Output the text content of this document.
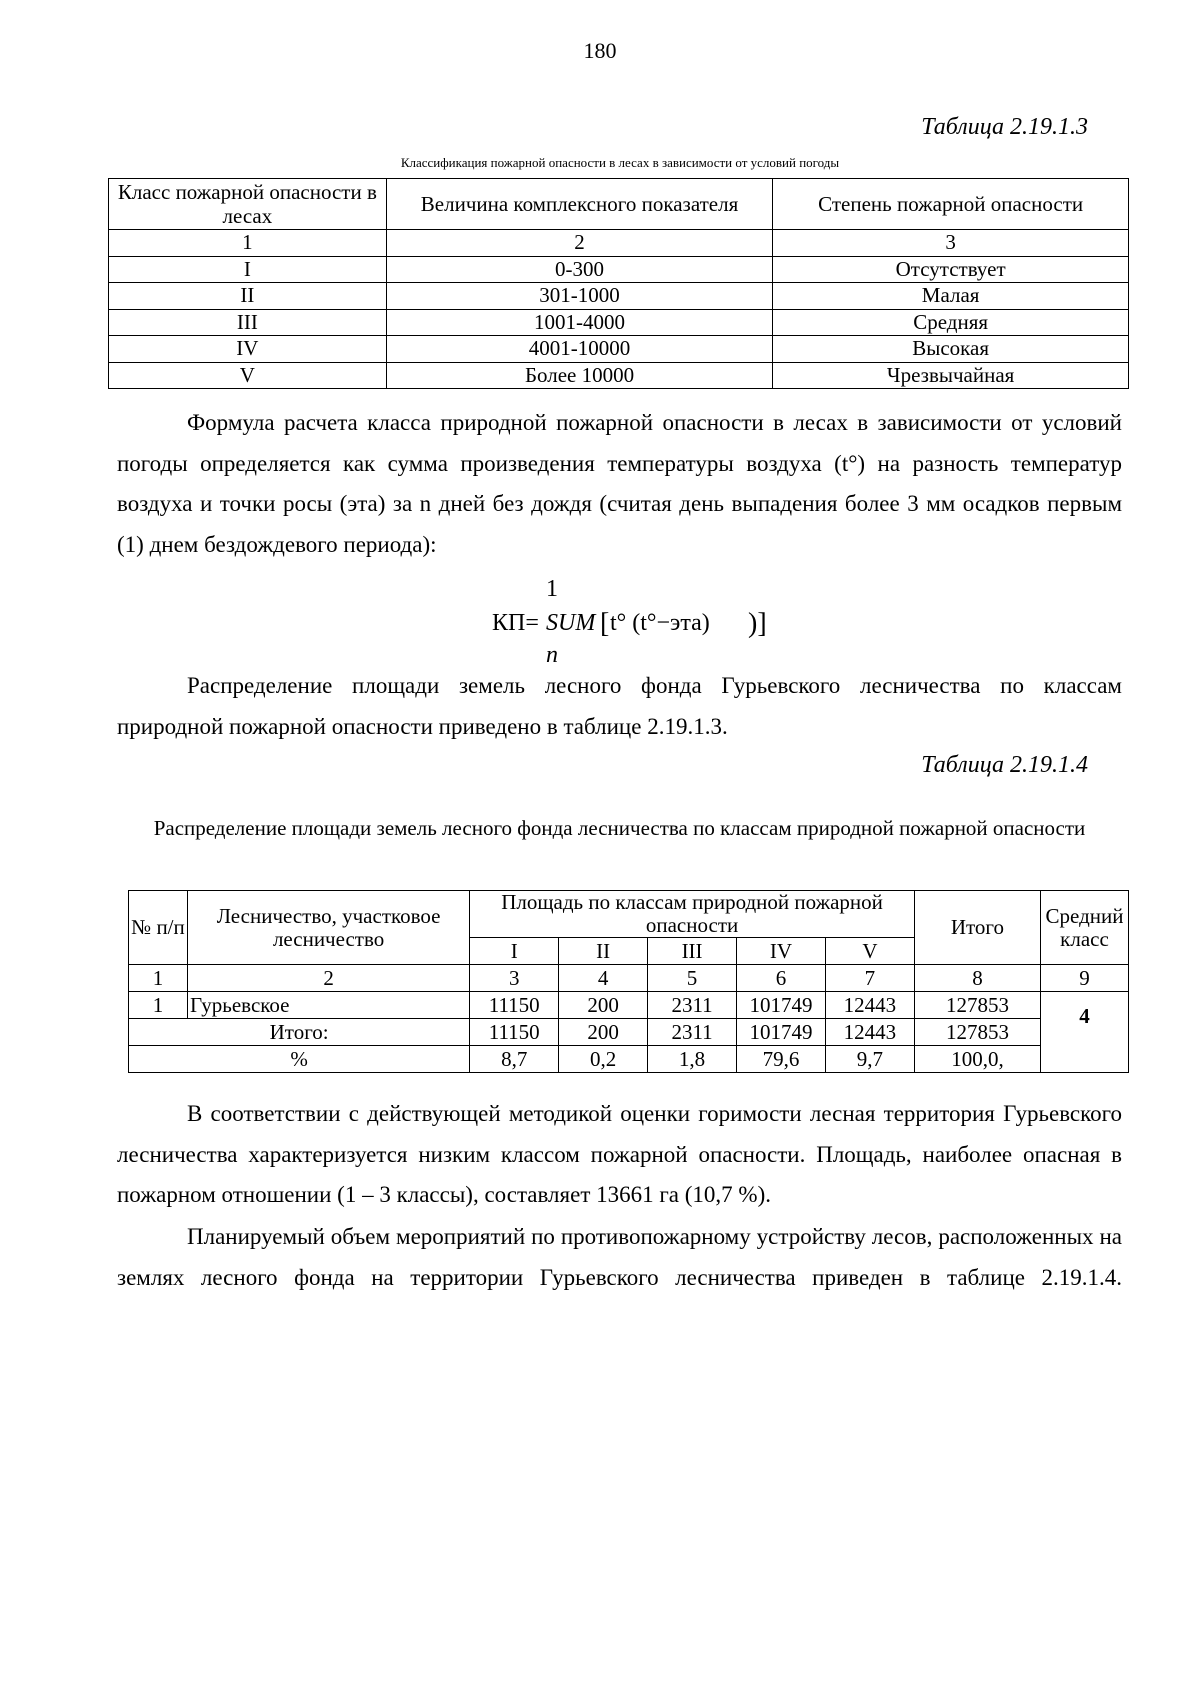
180
Таблица 2.19.1.3
Классификация пожарной опасности в лесах в зависимости от условий погоды
Класс пожарной опасности в лесах	Величина комплексного показателя	Степень пожарной опасности
1	2	3
I	0-300	Отсутствует
II	301-1000	Малая
III	1001-4000	Средняя
IV	4001-10000	Высокая
V	Более 10000	Чрезвычайная
Формула расчета класса природной пожарной опасности в лесах в зависимости от условий погоды определяется как сумма произведения температуры воздуха (t°) на разность температур воздуха и точки росы (эта) за n дней без дождя (считая день выпадения более 3 мм осадков первым (1) днем бездождевого периода):
1
КП= SUM [ t° (t°−эта) )]
n
Распределение площади земель лесного фонда Гурьевского лесничества по классам природной пожарной опасности приведено в таблице 2.19.1.3.
Таблица 2.19.1.4
Распределение площади земель лесного фонда лесничества по классам природной пожарной опасности
№ п/п	Лесничество, участковое лесничество	Площадь по классам природной пожарной опасности					Итого	Средний класс
		I	II	III	IV	V		
1	2	3	4	5	6	7	8	9
1	Гурьевское	11150	200	2311	101749	12443	127853	4
Итого:		11150	200	2311	101749	12443	127853	
%		8,7	0,2	1,8	79,6	9,7	100,0,	
В соответствии с действующей методикой оценки горимости лесная территория Гурьевского лесничества характеризуется низким классом пожарной опасности. Площадь, наиболее опасная в пожарном отношении (1 – 3 классы), составляет 13661 га (10,7 %).
Планируемый объем мероприятий по противопожарному устройству лесов, расположенных на землях лесного фонда на территории Гурьевского лесничества приведен в таблице 2.19.1.4.
